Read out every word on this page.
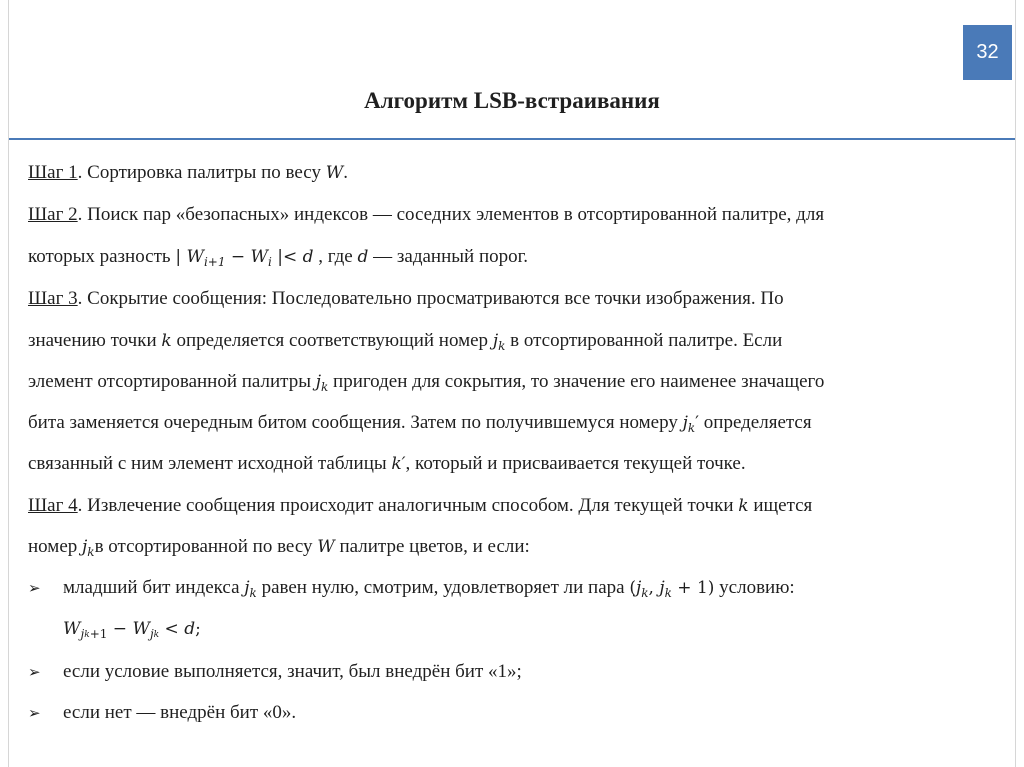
32
Алгоритм LSB-встраивания
Шаг 1. Сортировка палитры по весу W.
Шаг 2. Поиск пар «безопасных» индексов — соседних элементов в отсортированной палитре, для
которых разность | $W_{i+1} - W_i$ |< d , где d — заданный порог.
Шаг 3. Сокрытие сообщения: Последовательно просматриваются все точки изображения. По
значению точки k определяется соответствующий номер $j_k$ в отсортированной палитре. Если
элемент отсортированной палитры $j_k$ пригоден для сокрытия, то значение его наименее значащего
бита заменяется очередным битом сообщения. Затем по получившемуся номеру $j_k'$ определяется
связанный с ним элемент исходной таблицы k′, который и присваивается текущей точке.
Шаг 4. Извлечение сообщения происходит аналогичным способом. Для текущей точки k ищется
номер $j_kв$ отсортированной по весу W палитре цветов, и если:
➢ младший бит индекса $j_k$ равен нулю, смотрим, удовлетворяет ли пара ($j_k$, $j_k + 1$) условию:
$W_jk_{+1} - W_jk < d$;
➢ если условие выполняется, значит, был внедрён бит «1»;
➢ если нет — внедрён бит «0».
